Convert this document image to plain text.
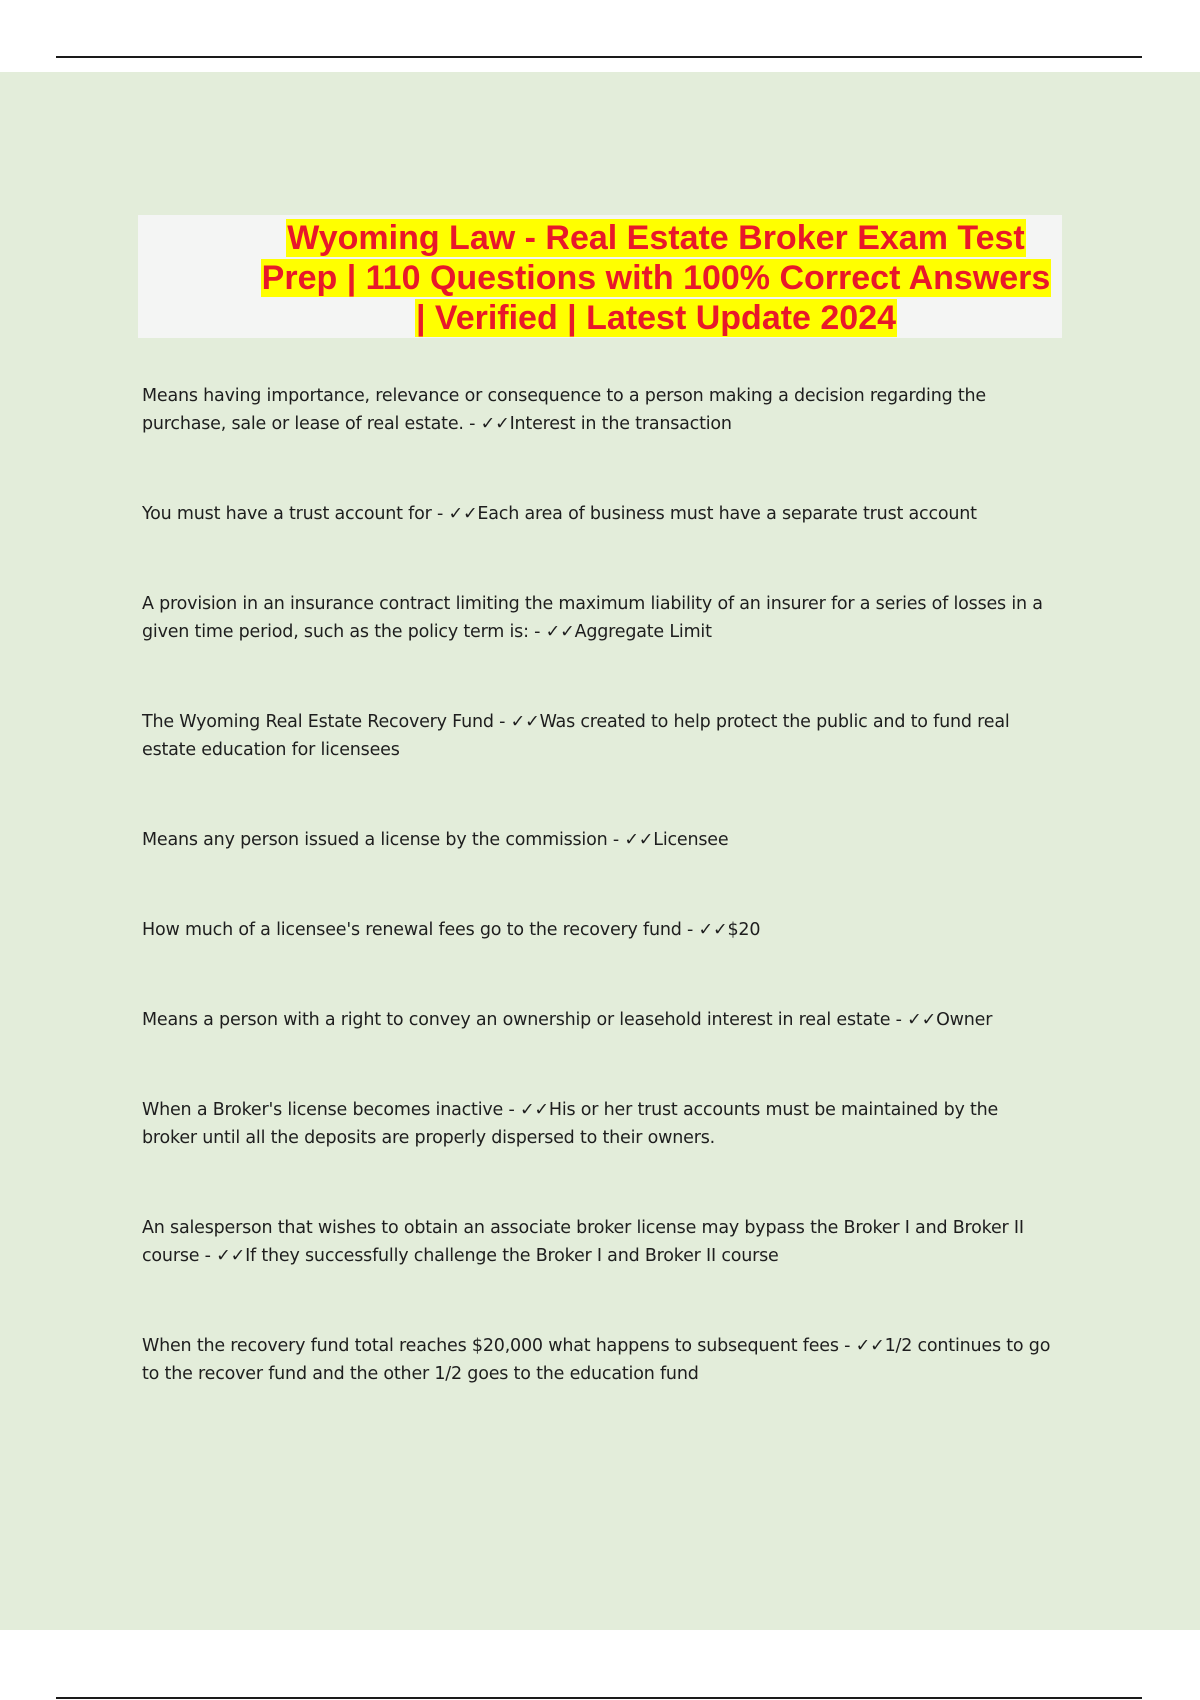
Wyoming Law - Real Estate Broker Exam Test Prep | 110 Questions with 100% Correct Answers | Verified | Latest Update 2024

Means having importance, relevance or consequence to a person making a decision regarding the purchase, sale or lease of real estate. - ✓✓Interest in the transaction
You must have a trust account for - ✓✓Each area of business must have a separate trust account
A provision in an insurance contract limiting the maximum liability of an insurer for a series of losses in a given time period, such as the policy term is: - ✓✓Aggregate Limit
The Wyoming Real Estate Recovery Fund - ✓✓Was created to help protect the public and to fund real estate education for licensees
Means any person issued a license by the commission - ✓✓Licensee
How much of a licensee's renewal fees go to the recovery fund - ✓✓$20
Means a person with a right to convey an ownership or leasehold interest in real estate - ✓✓Owner
When a Broker's license becomes inactive - ✓✓His or her trust accounts must be maintained by the broker until all the deposits are properly dispersed to their owners.
An salesperson that wishes to obtain an associate broker license may bypass the Broker I and Broker II course - ✓✓If they successfully challenge the Broker I and Broker II course
When the recovery fund total reaches $20,000 what happens to subsequent fees - ✓✓1/2 continues to go to the recover fund and the other 1/2 goes to the education fund
